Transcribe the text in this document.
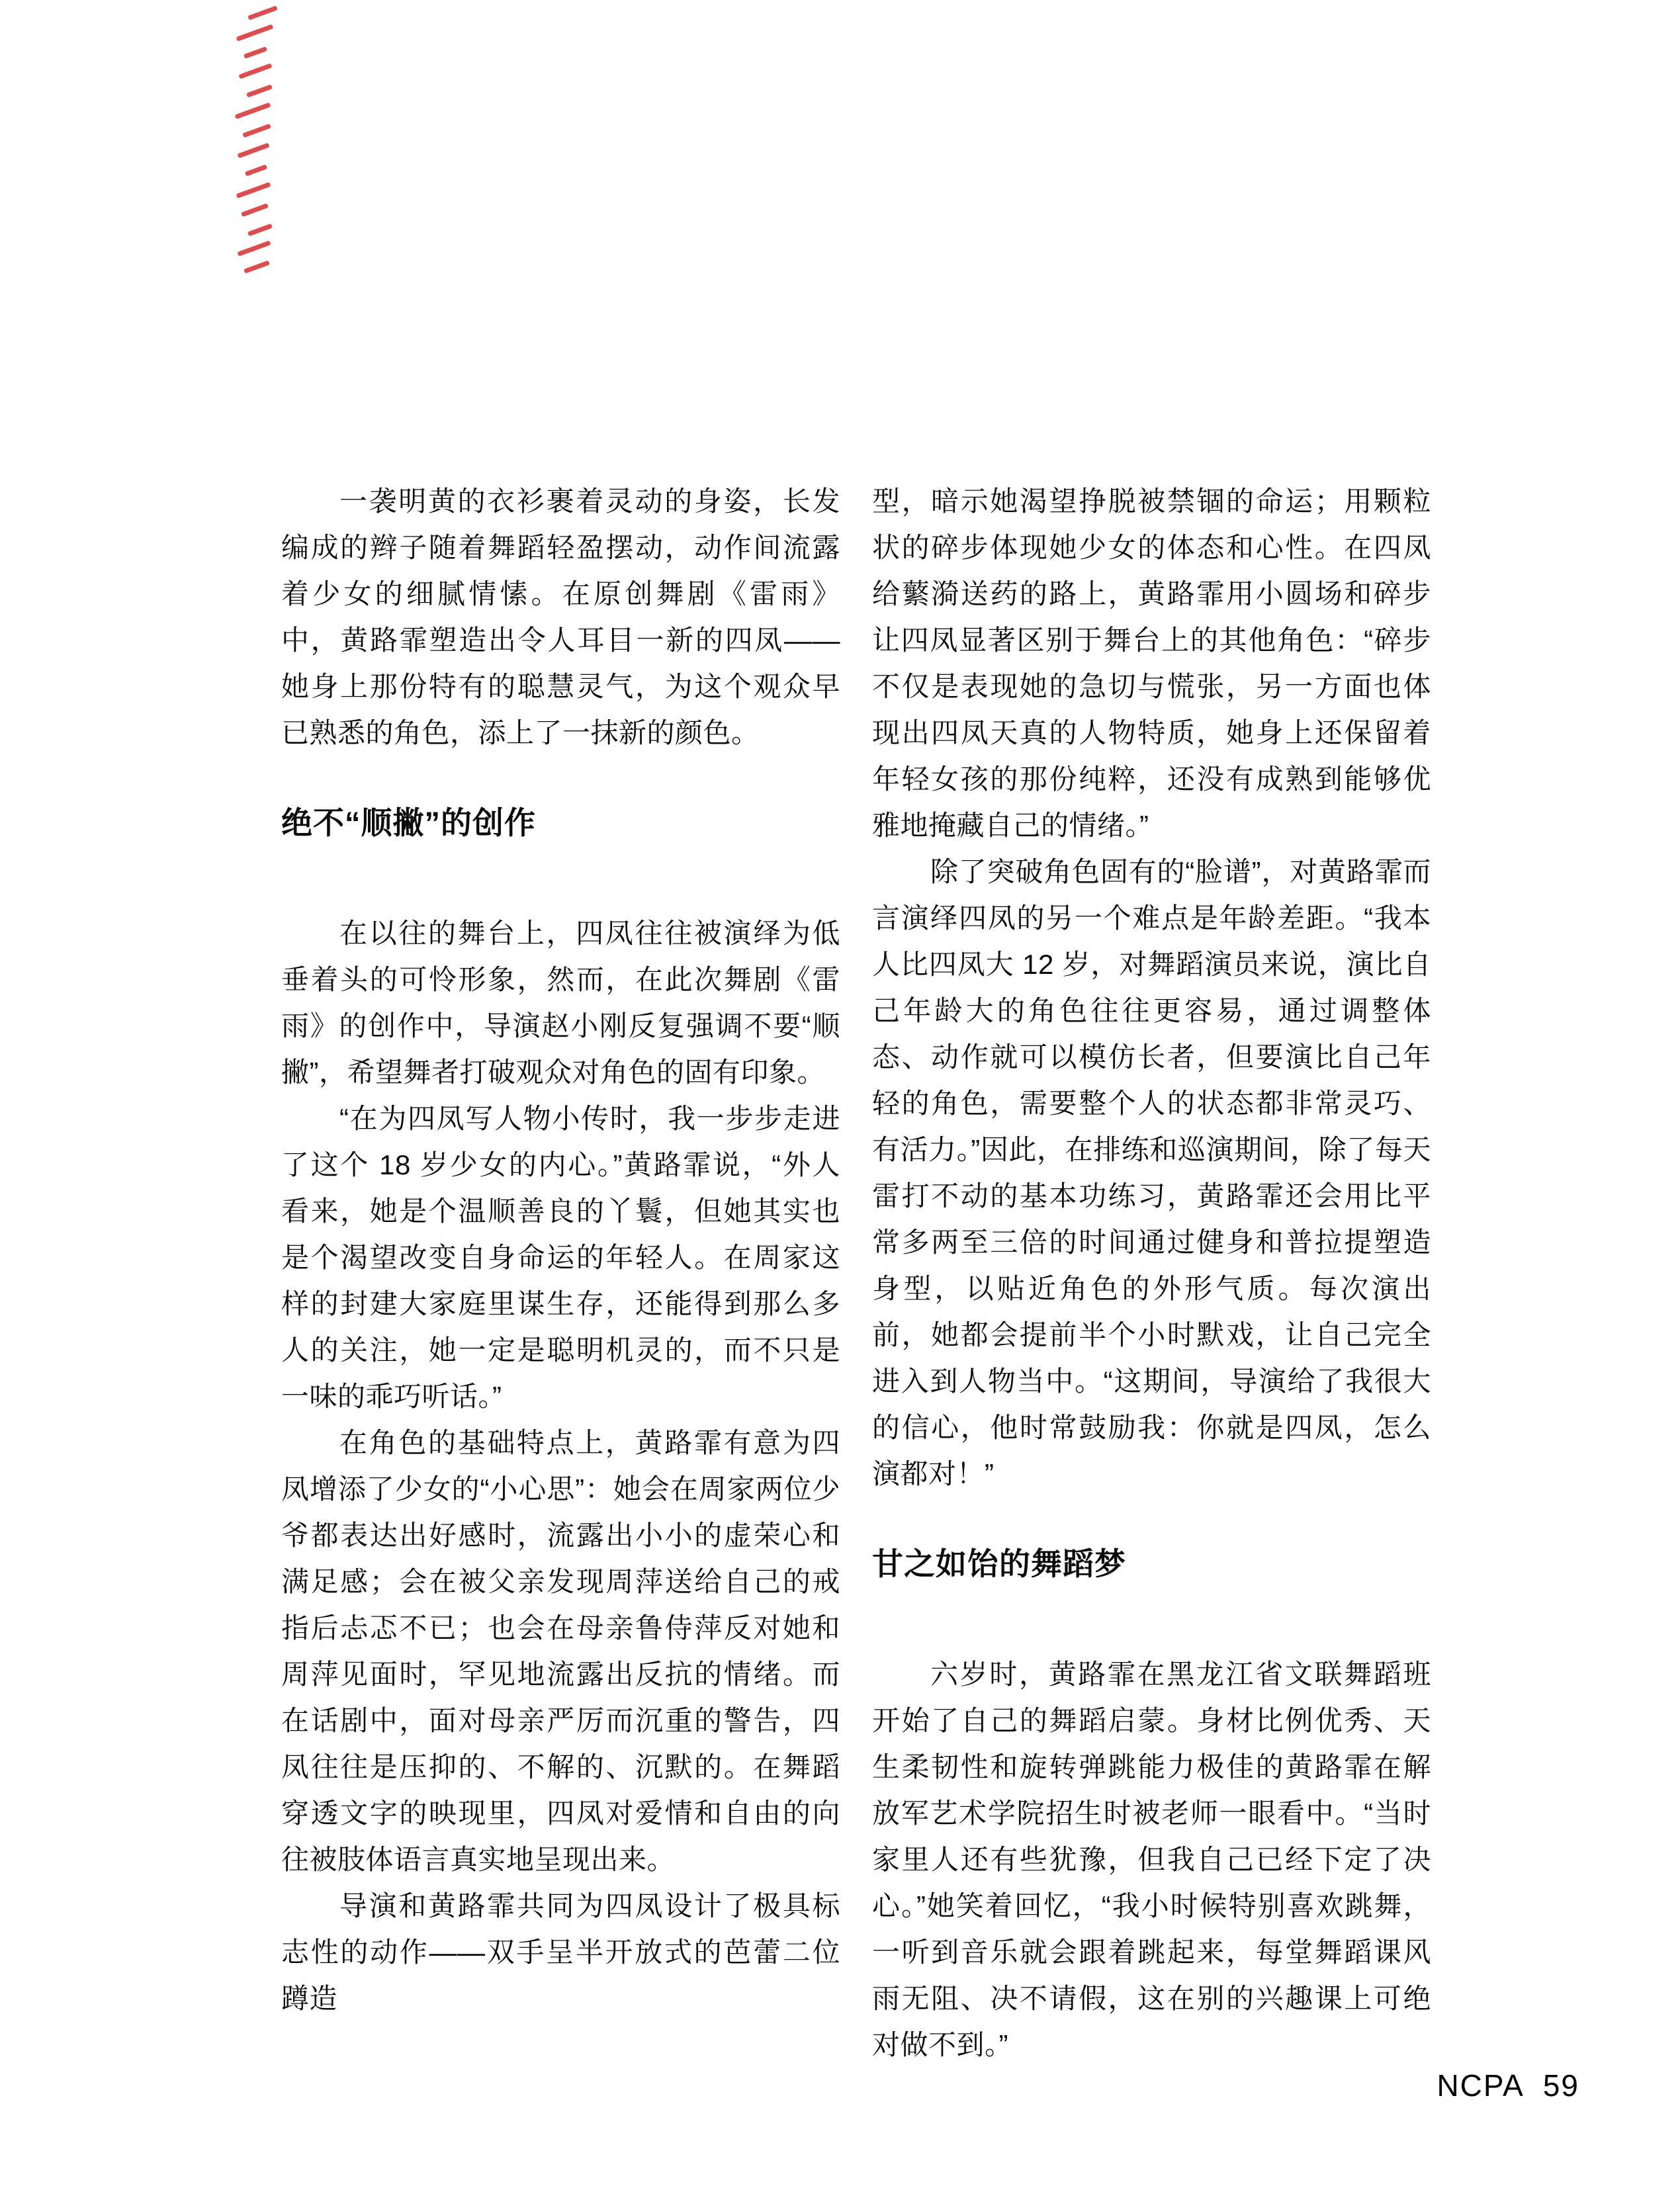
一袭明黄的衣衫裹着灵动的身姿，长发编成的辫子随着舞蹈轻盈摆动，动作间流露着少女的细腻情愫。在原创舞剧《雷雨》中，黄路霏塑造出令人耳目一新的四凤——她身上那份特有的聪慧灵气，为这个观众早已熟悉的角色，添上了一抹新的颜色。

绝不“顺撇”的创作

在以往的舞台上，四凤往往被演绎为低垂着头的可怜形象，然而，在此次舞剧《雷雨》的创作中，导演赵小刚反复强调不要“顺撇”，希望舞者打破观众对角色的固有印象。

“在为四凤写人物小传时，我一步步走进了这个 18 岁少女的内心。”黄路霏说，“外人看来，她是个温顺善良的丫鬟，但她其实也是个渴望改变自身命运的年轻人。在周家这样的封建大家庭里谋生存，还能得到那么多人的关注，她一定是聪明机灵的，而不只是一味的乖巧听话。”

在角色的基础特点上，黄路霏有意为四凤增添了少女的“小心思”：她会在周家两位少爷都表达出好感时，流露出小小的虚荣心和满足感；会在被父亲发现周萍送给自己的戒指后忐忑不已；也会在母亲鲁侍萍反对她和周萍见面时，罕见地流露出反抗的情绪。而在话剧中，面对母亲严厉而沉重的警告，四凤往往是压抑的、不解的、沉默的。在舞蹈穿透文字的映现里，四凤对爱情和自由的向往被肢体语言真实地呈现出来。

导演和黄路霏共同为四凤设计了极具标志性的动作——双手呈半开放式的芭蕾二位蹲造

型，暗示她渴望挣脱被禁锢的命运；用颗粒状的碎步体现她少女的体态和心性。在四凤给蘩漪送药的路上，黄路霏用小圆场和碎步让四凤显著区别于舞台上的其他角色：“碎步不仅是表现她的急切与慌张，另一方面也体现出四凤天真的人物特质，她身上还保留着年轻女孩的那份纯粹，还没有成熟到能够优雅地掩藏自己的情绪。”

除了突破角色固有的“脸谱”，对黄路霏而言演绎四凤的另一个难点是年龄差距。“我本人比四凤大 12 岁，对舞蹈演员来说，演比自己年龄大的角色往往更容易，通过调整体态、动作就可以模仿长者，但要演比自己年轻的角色，需要整个人的状态都非常灵巧、有活力。”因此，在排练和巡演期间，除了每天雷打不动的基本功练习，黄路霏还会用比平常多两至三倍的时间通过健身和普拉提塑造身型，以贴近角色的外形气质。每次演出前，她都会提前半个小时默戏，让自己完全进入到人物当中。“这期间，导演给了我很大的信心，他时常鼓励我：你就是四凤，怎么演都对！”

甘之如饴的舞蹈梦

六岁时，黄路霏在黑龙江省文联舞蹈班开始了自己的舞蹈启蒙。身材比例优秀、天生柔韧性和旋转弹跳能力极佳的黄路霏在解放军艺术学院招生时被老师一眼看中。“当时家里人还有些犹豫，但我自己已经下定了决心。”她笑着回忆，“我小时候特别喜欢跳舞，一听到音乐就会跟着跳起来，每堂舞蹈课风雨无阻、决不请假，这在别的兴趣课上可绝对做不到。”

NCPA 59
